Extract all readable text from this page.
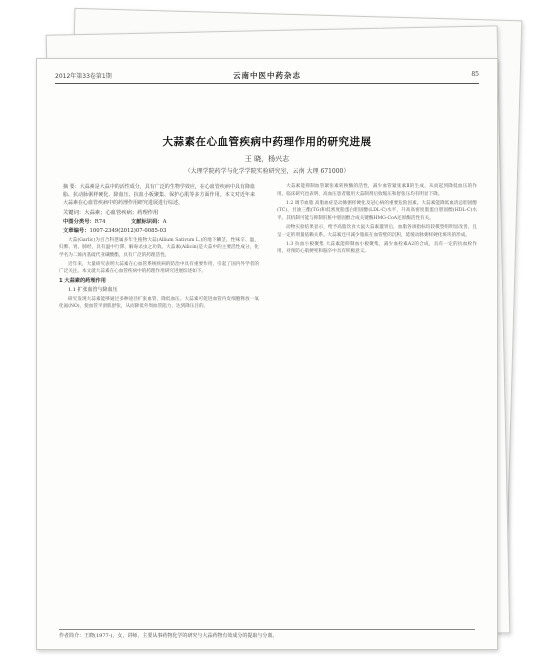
2012年第33卷第1期	云南中医中药杂志	85
大蒜素在心血管疾病中药理作用的研究进展
王 晓，杨兴志
（大理学院药学与化学学院实验研究室，云南 大理 671000）

摘 要：大蒜素是大蒜中的活性成分，具有广泛的生物学效应，在心血管疾病中具有降血脂、抗动脉粥样硬化、降血压、抗血小板聚集、保护心肌等多方面作用。本文对近年来大蒜素在心血管疾病中的药理作用研究进展进行综述。

关键词：大蒜素；心血管疾病；药理作用

中图分类号：R74	文献标识码：A

文章编号：1007-2349(2012)07-0085-03

大蒜(Garlic)为百合科葱属多年生植物大蒜(Allium Sativum L.)的地下鳞茎，性味辛、温，归脾、胃、肺经，具有温中行滞、解毒杀虫之功效。大蒜素(Allicin)是大蒜中的主要活性成分，化学名为二烯丙基硫代亚磺酸酯，具有广泛的药理活性。

近年来，大量研究表明大蒜素在心血管系统疾病的防治中具有重要作用，引起了国内外学者的广泛关注。本文就大蒜素在心血管疾病中的药理作用研究进展综述如下。

1 大蒜素的药理作用

1.1 扩张血管与降血压

研究发现大蒜素能够通过多种途径扩张血管，降低血压。大蒜素可促进血管内皮细胞释放一氧化氮(NO)，使血管平滑肌舒张，从而降低外周血管阻力，达到降压目的。

大蒜素能抑制血管紧张素转换酶的活性，减少血管紧张素Ⅱ的生成，从而起到降低血压的作用。临床研究也表明，高血压患者服用大蒜制剂后收缩压和舒张压均有明显下降。

1.2 调节血脂 高脂血症是动脉粥样硬化及冠心病的重要危险因素。大蒜素能降低血清总胆固醇(TC)、甘油三酯(TG)和低密度脂蛋白胆固醇(LDL-C)水平，升高高密度脂蛋白胆固醇(HDL-C)水平。其机制可能与抑制肝脏中胆固醇合成关键酶HMG-CoA还原酶活性有关。

动物实验结果显示，给予高脂饮食大鼠大蒜素灌胃后，血脂各项指标均较模型组明显改善，且呈一定的剂量依赖关系。大蒜素还可减少脂质在血管壁的沉积，延缓动脉粥样硬化斑块的形成。

1.3 抗血小板聚集 大蒜素能抑制血小板聚集，减少血栓素A2的合成，具有一定的抗血栓作用，对预防心肌梗死和脑卒中具有积极意义。

作者简介：王晓(1977-)，女，讲师，主要从事药物化学的研究与大蒜药物有效成分的提取与分离。
